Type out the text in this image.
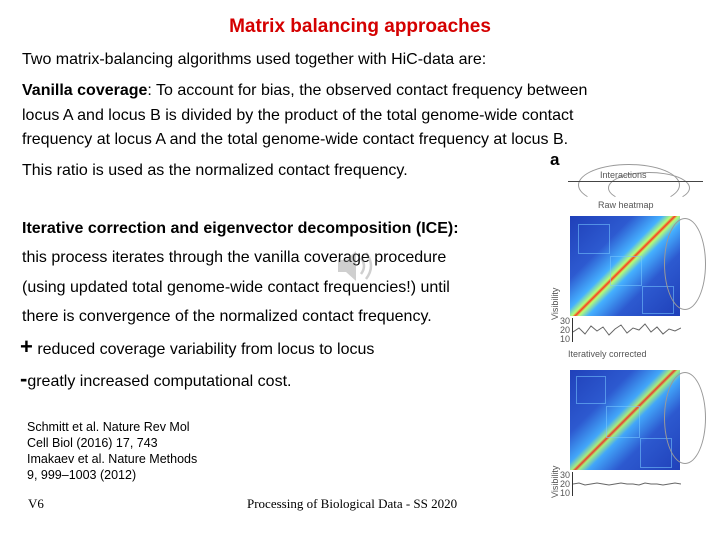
Matrix balancing approaches
Two matrix-balancing algorithms used together with HiC-data are:
Vanilla coverage: To account for bias, the observed contact frequency between
locus A and locus B is divided by the product of the total genome‐wide contact
frequency at locus A and the total genome-wide contact frequency at locus B.
This ratio is used as the normalized contact frequency.
Iterative correction and eigenvector decomposition (ICE):
this process iterates through the vanilla coverage procedure
(using updated total genome-wide contact frequencies!) until
there is convergence of the normalized contact frequency.
+ reduced coverage variability from locus to locus
-greatly increased computational cost.
Schmitt et al. Nature Rev Mol
Cell Biol (2016) 17, 743
Imakaev et al. Nature Methods
9, 999–1003 (2012)
V6	Processing of Biological Data - SS 2020
a
Interactions
Raw heatmap
Visibility
30
20
10
Iteratively corrected
Visibility 30
20
10
